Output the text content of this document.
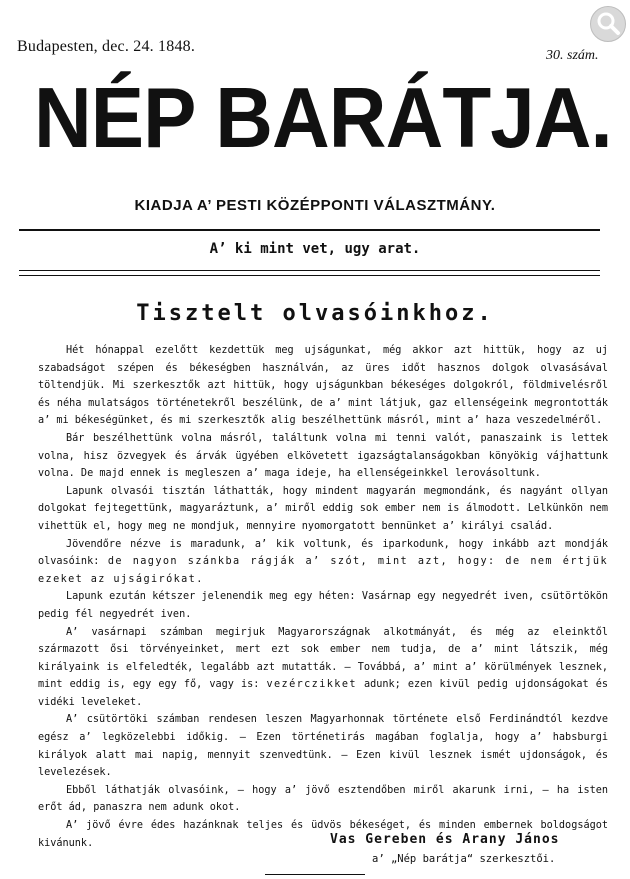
Budapesten, dec. 24. 1848.
30. szám.
NÉP BARÁTJA.
KIADJA A’ PESTI KÖZÉPPONTI VÁLASZTMÁNY.
A’ ki mint vet, ugy arat.
Tisztelt olvasóinkhoz.

Hét hónappal ezelőtt kezdettük meg ujságunkat, még akkor azt hittük, hogy az uj szabadságot szépen és békeségben használván, az üres időt hasznos dolgok olvasásával töltendjük. Mi szerkesztők azt hittük, hogy ujságunkban békeséges dolgokról, földmivelésről és néha mulatságos történetekről beszélünk, de a’ mint látjuk, gaz ellenségeink megrontották a’ mi békeségünket, és mi szerkesztők alig beszélhettünk másról, mint a’ haza veszedelméről.

Bár beszélhettünk volna másról, találtunk volna mi tenni valót, panaszaink is lettek volna, hisz özvegyek és árvák ügyében elkövetett igazságtalanságokban könyökig vájhattunk volna. De majd ennek is megleszen a’ maga ideje, ha ellenségeinkkel lerovásoltunk.

Lapunk olvasói tisztán láthatták, hogy mindent magyarán megmondánk, és nagyánt ollyan dolgokat fejtegettünk, magyaráztunk, a’ miről eddig sok ember nem is álmodott. Lelkünkön nem vihettük el, hogy meg ne mondjuk, mennyire nyomorgatott bennünket a’ királyi család.

Jövendőre nézve is maradunk, a’ kik voltunk, és iparkodunk, hogy inkább azt mondják olvasóink: de nagyon szánkba rágják a’ szót, mint azt, hogy: de nem értjük ezeket az ujságirókat.

Lapunk ezután kétszer jelenendik meg egy héten: Vasárnap egy negyedrét iven, csütörtökön pedig fél negyedrét iven.

A’ vasárnapi számban megirjuk Magyarországnak alkotmányát, és még az eleinktől származott ősi törvényeinket, mert ezt sok ember nem tudja, de a’ mint látszik, még királyaink is elfeledték, legalább azt mutatták. — Továbbá, a’ mint a’ körülmények lesznek, mint eddig is, egy egy fő, vagy is: vezérczikket adunk; ezen kivül pedig ujdonságokat és vidéki leveleket.

A’ csütörtöki számban rendesen leszen Magyarhonnak története első Ferdinándtól kezdve egész a’ legközelebbi időkig. — Ezen történetirás magában foglalja, hogy a’ habsburgi királyok alatt mai napig, mennyit szenvedtünk. — Ezen kivül lesznek ismét ujdonságok, és levelezések.

Ebből láthatják olvasóink, — hogy a’ jövő esztendőben miről akarunk irni, — ha isten erőt ád, panaszra nem adunk okot.

A’ jövő évre édes hazánknak teljes és üdvös békeséget, és minden embernek boldogságot kivánunk.	Vas Gereben és Arany János
a’ „Nép barátja“ szerkesztői.
